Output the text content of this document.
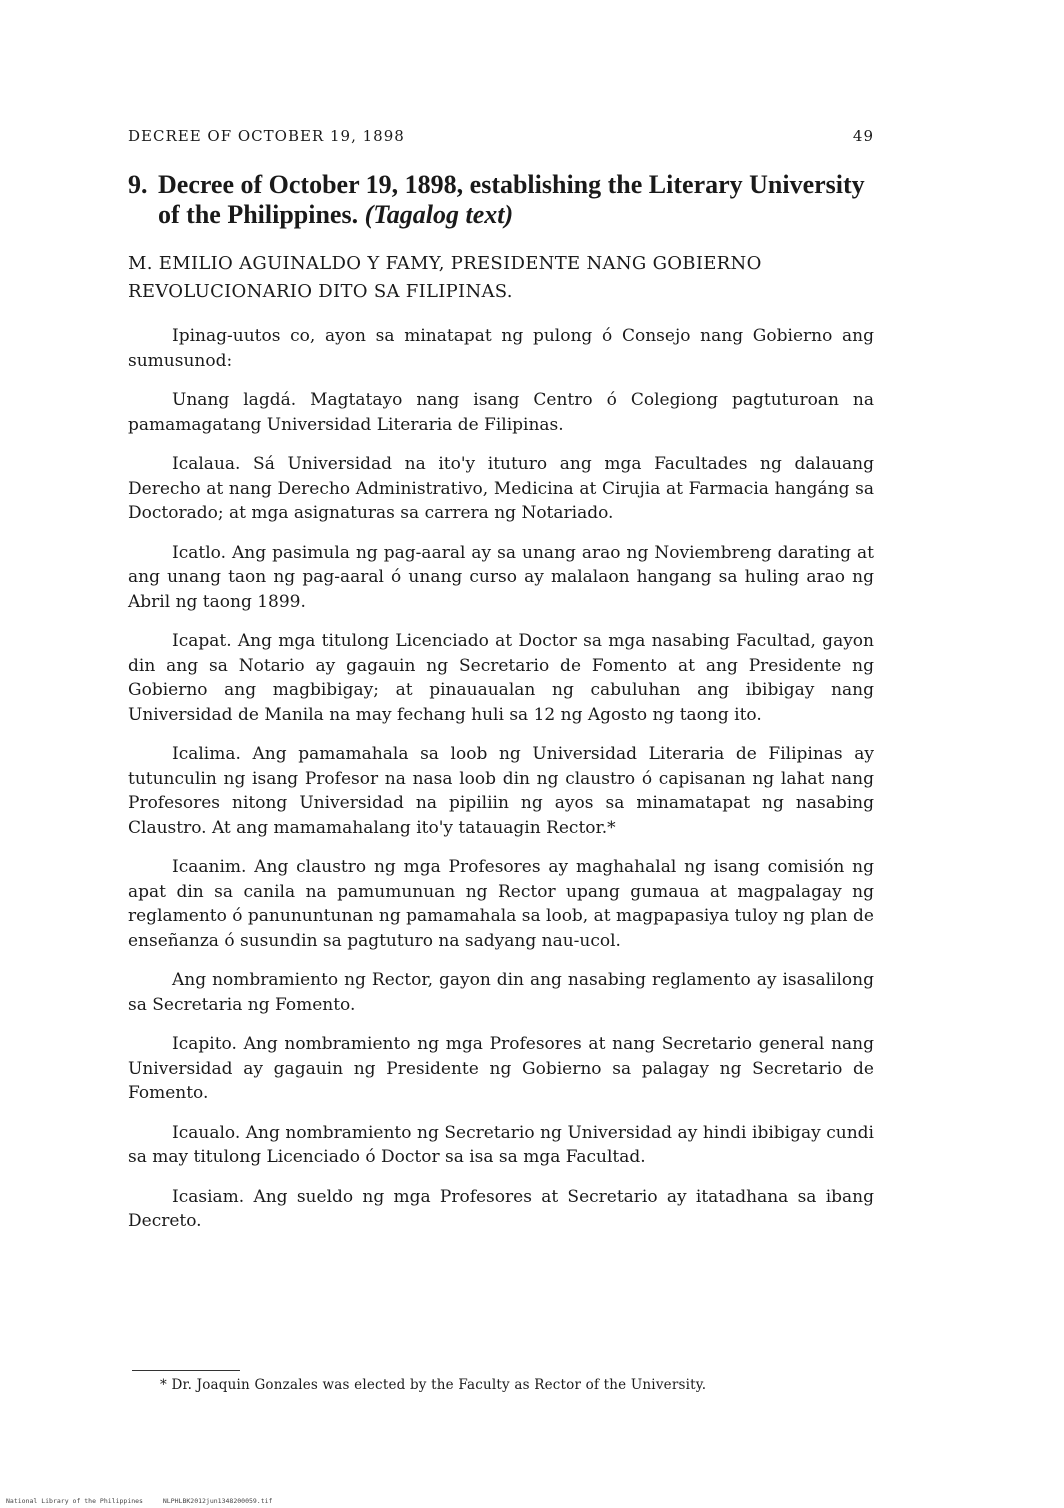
DECREE OF OCTOBER 19, 1898	49
9. Decree of October 19, 1898, establishing the Literary University of the Philippines. (Tagalog text)
M. EMILIO AGUINALDO Y FAMY, PRESIDENTE NANG GOBIERNO REVOLUCIONARIO DITO SA FILIPINAS.

Ipinag-uutos co, ayon sa minatapat ng pulong ó Consejo nang Gobierno ang sumusunod:

Unang lagdá. Magtatayo nang isang Centro ó Colegiong pagtuturoan na pamamagatang Universidad Literaria de Filipinas.

Icalaua. Sá Universidad na ito'y ituturo ang mga Facultades ng dalauang Derecho at nang Derecho Administrativo, Medicina at Cirujia at Farmacia hangáng sa Doctorado; at mga asignaturas sa carrera ng Notariado.

Icatlo. Ang pasimula ng pag-aaral ay sa unang arao ng Noviembreng darating at ang unang taon ng pag-aaral ó unang curso ay malalaon hangang sa huling arao ng Abril ng taong 1899.

Icapat. Ang mga titulong Licenciado at Doctor sa mga nasabing Facultad, gayon din ang sa Notario ay gagauin ng Secretario de Fomento at ang Presidente ng Gobierno ang magbibigay; at pinauaualan ng cabuluhan ang ibibigay nang Universidad de Manila na may fechang huli sa 12 ng Agosto ng taong ito.

Icalima. Ang pamamahala sa loob ng Universidad Literaria de Filipinas ay tutunculin ng isang Profesor na nasa loob din ng claustro ó capisanan ng lahat nang Profesores nitong Universidad na pipiliin ng ayos sa minamatapat ng nasabing Claustro. At ang mamamahalang ito'y tatauagin Rector.*

Icaanim. Ang claustro ng mga Profesores ay maghahalal ng isang comisión ng apat din sa canila na pamumunuan ng Rector upang gumaua at magpalagay ng reglamento ó panununtunan ng pamamahala sa loob, at magpapasiya tuloy ng plan de enseñanza ó susundin sa pagtuturo na sadyang nau-ucol.

Ang nombramiento ng Rector, gayon din ang nasabing reglamento ay isasalilong sa Secretaria ng Fomento.

Icapito. Ang nombramiento ng mga Profesores at nang Secretario general nang Universidad ay gagauin ng Presidente ng Gobierno sa palagay ng Secretario de Fomento.

Icaualo. Ang nombramiento ng Secretario ng Universidad ay hindi ibibigay cundi sa may titulong Licenciado ó Doctor sa isa sa mga Facultad.

Icasiam. Ang sueldo ng mga Profesores at Secretario ay itatadhana sa ibang Decreto.

* Dr. Joaquin Gonzales was elected by the Faculty as Rector of the University.
National Library of the Philippines	NLPHLBK2012jun1348200059.tif
